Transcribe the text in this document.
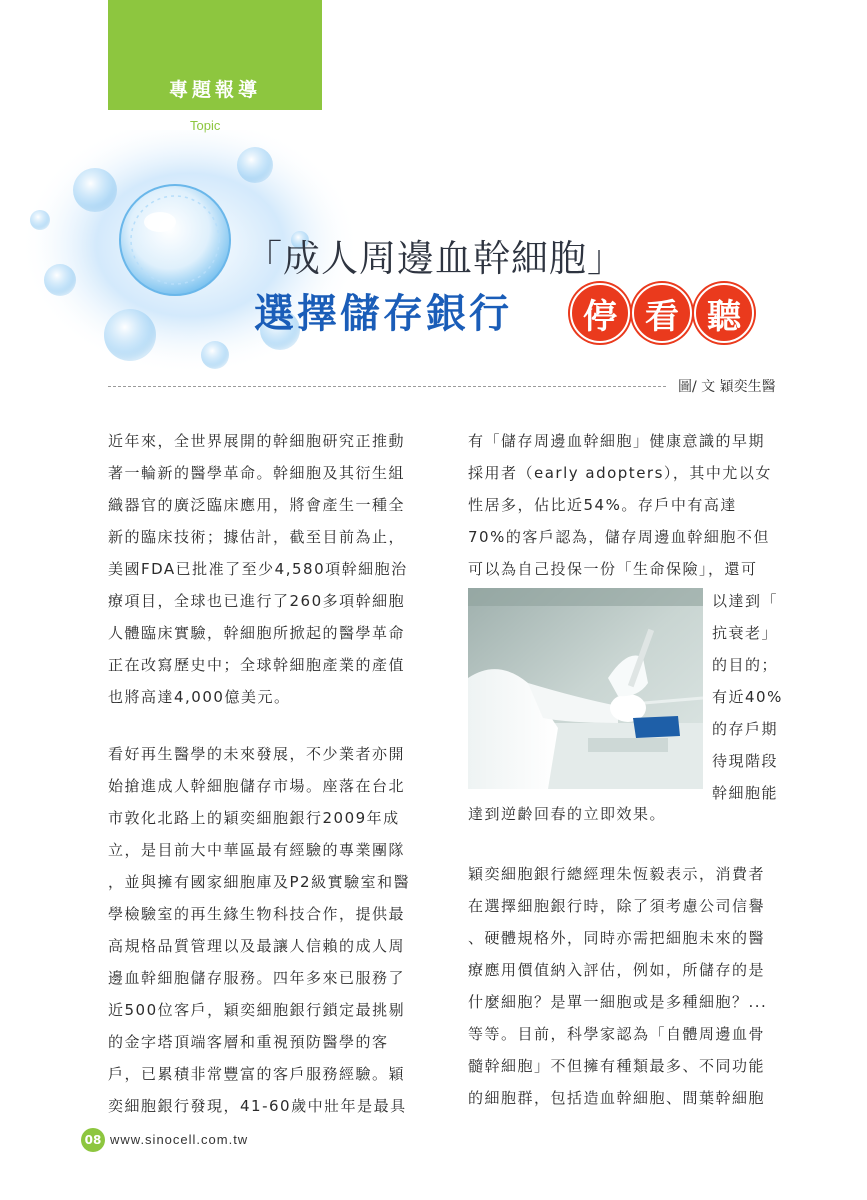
專題報導
Topic
「成人周邊血幹細胞」
選擇儲存銀行	停 看 聽
圖/ 文 穎奕生醫
近年來，全世界展開的幹細胞研究正推動
著一輪新的醫學革命。幹細胞及其衍生組
織器官的廣泛臨床應用，將會產生一種全
新的臨床技術；據估計，截至目前為止，
美國FDA已批准了至少4,580項幹細胞治
療項目，全球也已進行了260多項幹細胞
人體臨床實驗，幹細胞所掀起的醫學革命
正在改寫歷史中；全球幹細胞產業的產值
也將高達4,000億美元。
看好再生醫學的未來發展，不少業者亦開
始搶進成人幹細胞儲存市場。座落在台北
市敦化北路上的穎奕細胞銀行2009年成
立，是目前大中華區最有經驗的專業團隊
，並與擁有國家細胞庫及P2級實驗室和醫
學檢驗室的再生緣生物科技合作，提供最
高規格品質管理以及最讓人信賴的成人周
邊血幹細胞儲存服務。四年多來已服務了
近500位客戶，穎奕細胞銀行鎖定最挑剔
的金字塔頂端客層和重視預防醫學的客
戶，已累積非常豐富的客戶服務經驗。穎
奕細胞銀行發現，41-60歲中壯年是最具
有「儲存周邊血幹細胞」健康意識的早期
採用者（early adopters），其中尤以女
性居多，佔比近54%。存戶中有高達
70%的客戶認為，儲存周邊血幹細胞不但
可以為自己投保一份「生命保險」，還可
以達到「
抗衰老」
的目的；
有近40%
的存戶期
待現階段
幹細胞能
達到逆齡回春的立即效果。
穎奕細胞銀行總經理朱恆毅表示，消費者
在選擇細胞銀行時，除了須考慮公司信譽
、硬體規格外，同時亦需把細胞未來的醫
療應用價值納入評估，例如，所儲存的是
什麼細胞？是單一細胞或是多種細胞？...
等等。目前，科學家認為「自體周邊血骨
髓幹細胞」不但擁有種類最多、不同功能
的細胞群，包括造血幹細胞、間葉幹細胞
08 www.sinocell.com.tw
